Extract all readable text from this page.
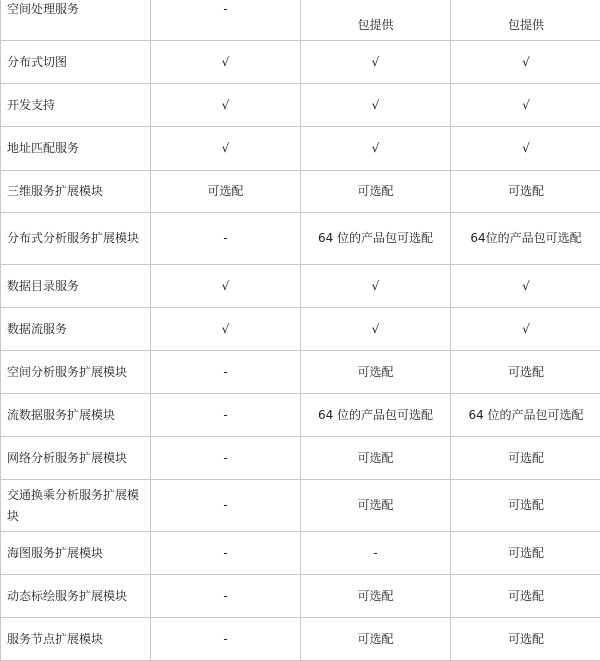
空间处理服务	-	包提供	包提供
分布式切图	√	√	√
开发支持	√	√	√
地址匹配服务	√	√	√
三维服务扩展模块	可选配	可选配	可选配
分布式分析服务扩展模块	-	64 位的产品包可选配	64位的产品包可选配
数据目录服务	√	√	√
数据流服务	√	√	√
空间分析服务扩展模块	-	可选配	可选配
流数据服务扩展模块	-	64 位的产品包可选配	64 位的产品包可选配
网络分析服务扩展模块	-	可选配	可选配
交通换乘分析服务扩展模块	-	可选配	可选配
海图服务扩展模块	-	-	可选配
动态标绘服务扩展模块	-	可选配	可选配
服务节点扩展模块	-	可选配	可选配
